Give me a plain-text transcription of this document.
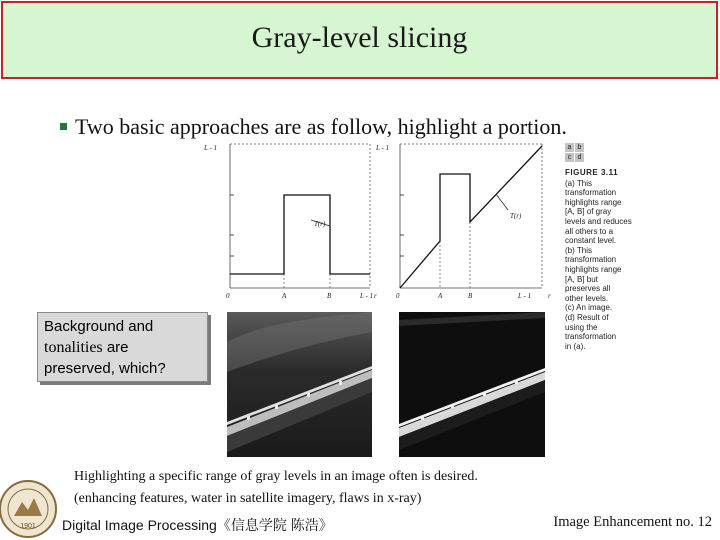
Gray-level slicing
Two basic approaches are as follow, highlight a portion.
L - 1
0	A	B	L - 1 r
T(r)
L - 1
0	A	B	L - 1 r
T(r)
a b
c d
FIGURE 3.11
(a) This
transformation
highlights range
[A, B] of gray
levels and reduces
all others to a
constant level.
(b) This
transformation
highlights range
[A, B] but
preserves all
other levels.
(c) An image.
(d) Result of
using the
transformation
in (a).
Background and
tonalities are
preserved, which?
Highlighting a specific range of gray levels in an image often is desired.
(enhancing features, water in satellite imagery, flaws in x-ray)
1901 Digital Image Processing《信息学院 陈浩》	Image Enhancement no. 12
